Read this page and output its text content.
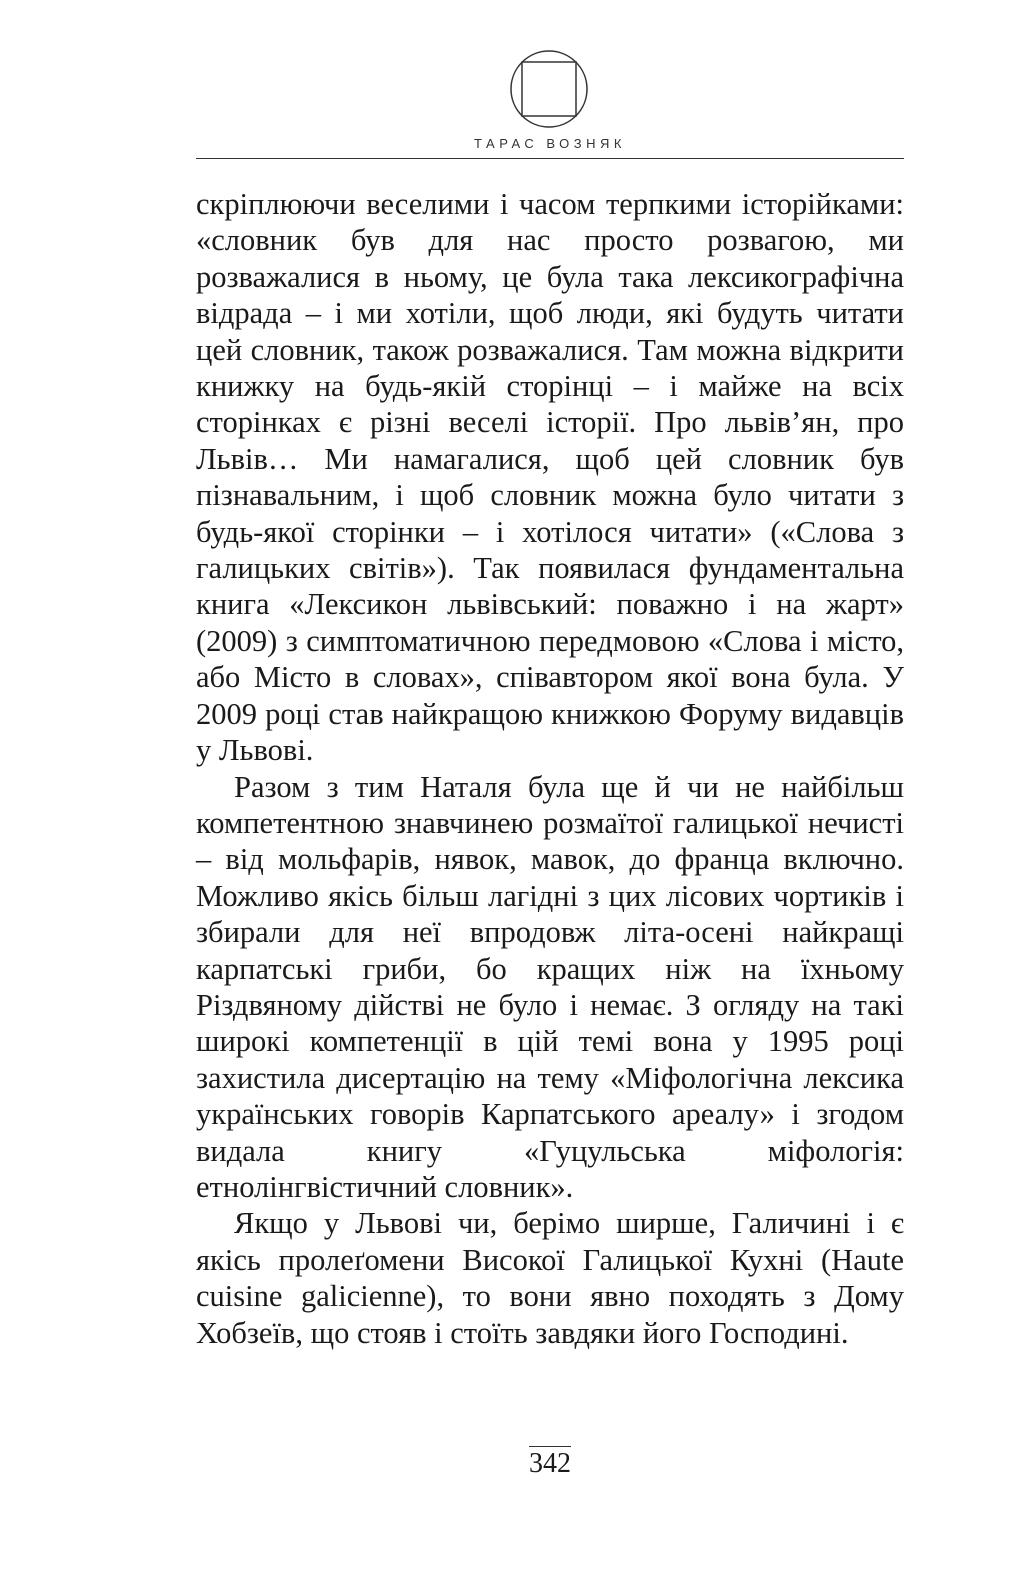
ТАРАС ВОЗНЯК

скріплюючи веселими і часом терпкими історійками: «словник був для нас просто розвагою, ми розважалися в ньому, це була така лексикографічна відрада – і ми хотіли, щоб люди, які будуть читати цей словник, також розважалися. Там можна відкрити книжку на будь-якій сторінці – і майже на всіх сторінках є різні веселі історії. Про львів’ян, про Львів… Ми намагалися, щоб цей словник був пізнавальним, і щоб словник можна було читати з будь-якої сторінки – і хотілося читати» («Слова з галицьких світів»). Так появилася фундаментальна книга «Лексикон львівський: поважно і на жарт» (2009) з симптоматичною передмовою «Слова і місто, або Місто в словах», співавтором якої вона була. У 2009 році став найкращою книжкою Форуму видавців у Львові.

Разом з тим Наталя була ще й чи не найбільш компетентною знавчинею розмаїтої галицької нечисті – від мольфарів, нявок, мавок, до франца включно. Можливо якісь більш лагідні з цих лісових чортиків і збирали для неї впродовж літа-осені найкращі карпатські гриби, бо кращих ніж на їхньому Різдвяному дійстві не було і немає. З огляду на такі широкі компетенції в цій темі вона у 1995 році захистила дисертацію на тему «Міфологічна лексика українських говорів Карпатського ареалу» і згодом видала книгу «Гуцульська міфологія: етнолінгвістичний словник».

Якщо у Львові чи, берімо ширше, Галичині і є якісь пролеґомени Високої Галицької Кухні (Haute cuisine galicienne), то вони явно походять з Дому Хобзеїв, що стояв і стоїть завдяки його Господині.

342
